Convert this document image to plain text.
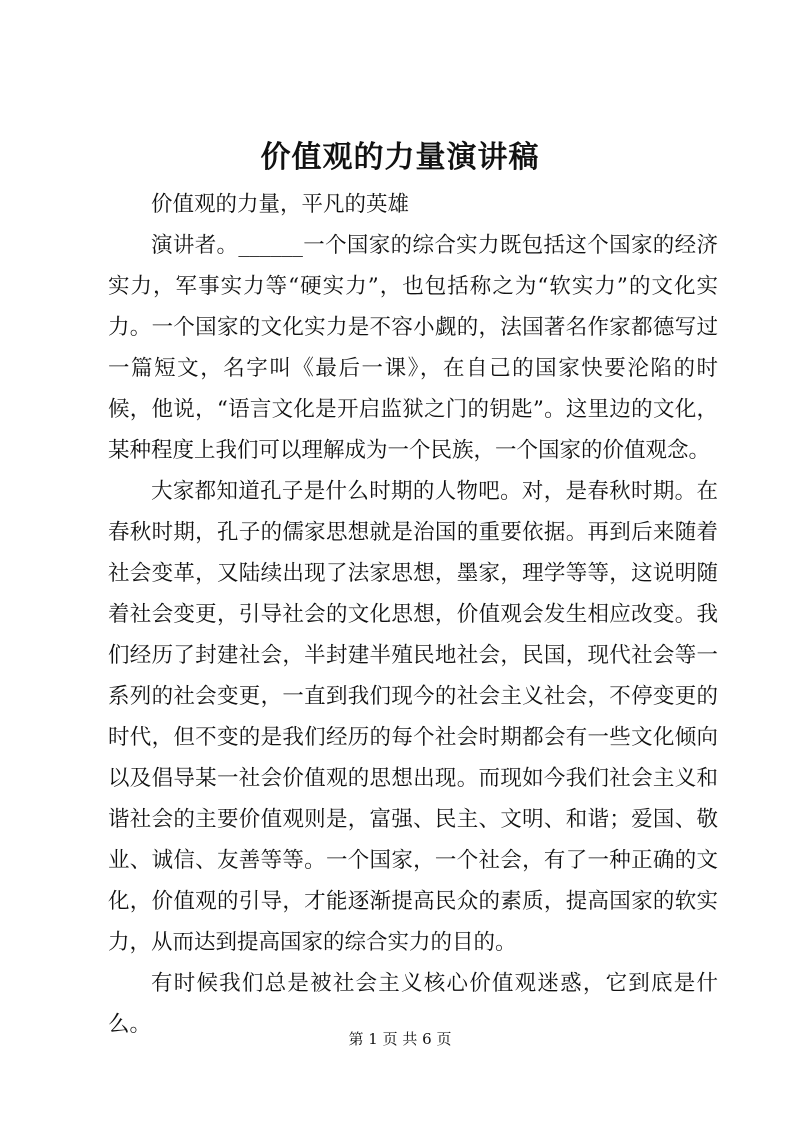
价值观的力量演讲稿

价值观的力量，平凡的英雄

演讲者。______一个国家的综合实力既包括这个国家的经济实力，军事实力等“硬实力”，也包括称之为“软实力”的文化实力。一个国家的文化实力是不容小觑的，法国著名作家都德写过一篇短文，名字叫《最后一课》，在自己的国家快要沦陷的时候，他说，“语言文化是开启监狱之门的钥匙”。这里边的文化，某种程度上我们可以理解成为一个民族，一个国家的价值观念。

大家都知道孔子是什么时期的人物吧。对，是春秋时期。在春秋时期，孔子的儒家思想就是治国的重要依据。再到后来随着社会变革，又陆续出现了法家思想，墨家，理学等等，这说明随着社会变更，引导社会的文化思想，价值观会发生相应改变。我们经历了封建社会，半封建半殖民地社会，民国，现代社会等一系列的社会变更，一直到我们现今的社会主义社会，不停变更的时代，但不变的是我们经历的每个社会时期都会有一些文化倾向以及倡导某一社会价值观的思想出现。而现如今我们社会主义和谐社会的主要价值观则是，富强、民主、文明、和谐；爱国、敬业、诚信、友善等等。一个国家，一个社会，有了一种正确的文化，价值观的引导，才能逐渐提高民众的素质，提高国家的软实力，从而达到提高国家的综合实力的目的。

有时候我们总是被社会主义核心价值观迷惑，它到底是什么。

第 1 页 共 6 页
